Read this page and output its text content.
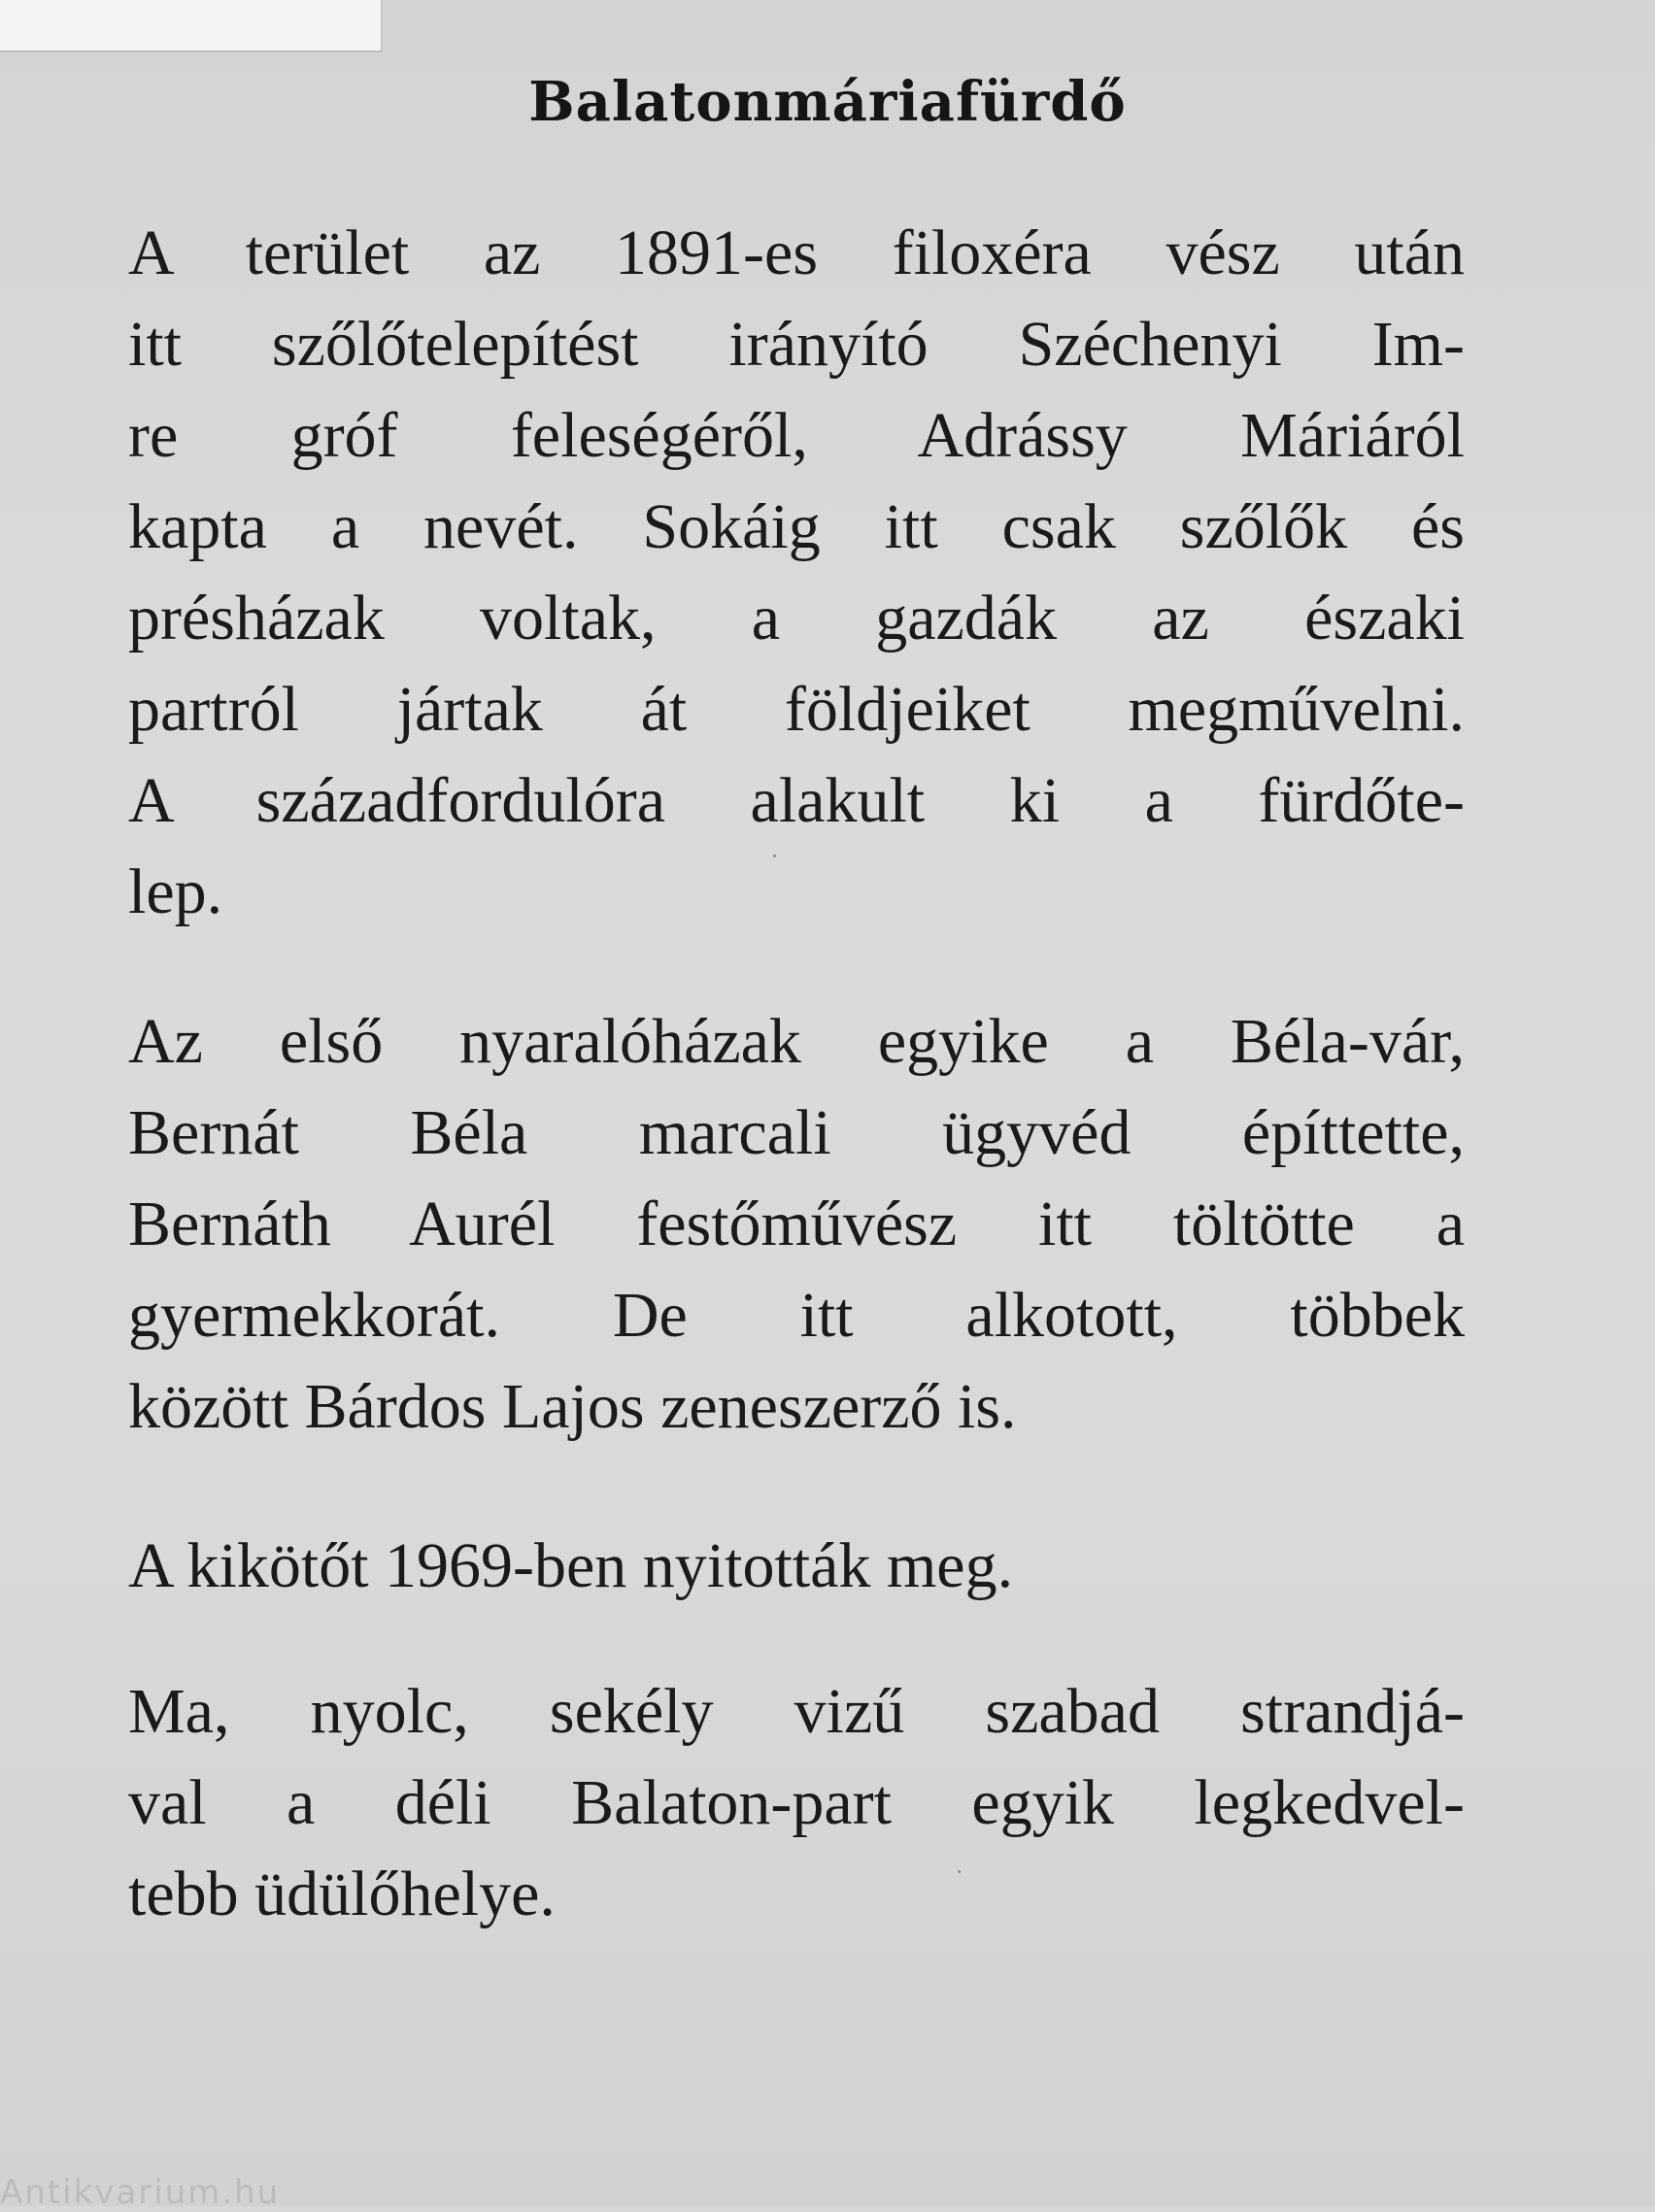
Balatonmáriafürdő
A terület az 1891-es filoxéra vész után
itt szőlőtelepítést irányító Széchenyi Im-
re gróf feleségéről, Adrássy Máriáról
kapta a nevét. Sokáig itt csak szőlők és
présházak voltak, a gazdák az északi
partról jártak át földjeiket megművelni.
A századfordulóra alakult ki a fürdőte-
lep.
Az első nyaralóházak egyike a Béla-vár,
Bernát Béla marcali ügyvéd építtette,
Bernáth Aurél festőművész itt töltötte a
gyermekkorát. De itt alkotott, többek
között Bárdos Lajos zeneszerző is.
A kikötőt 1969-ben nyitották meg.
Ma, nyolc, sekély vizű szabad strandjá-
val a déli Balaton-part egyik legkedvel-
tebb üdülőhelye.
Antikvarium.hu
